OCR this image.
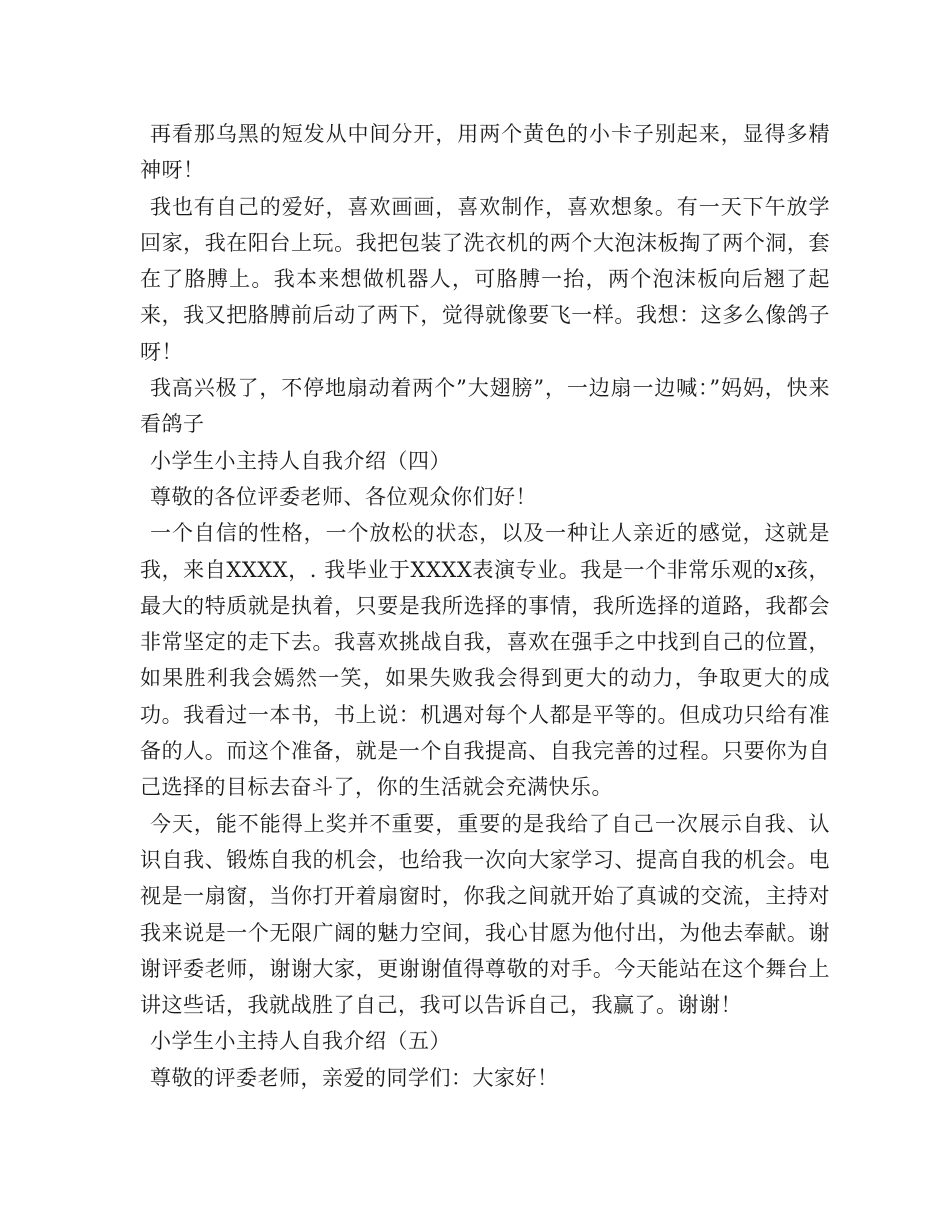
再看那乌黑的短发从中间分开，用两个黄色的小卡子别起来，显得多精神呀！

我也有自己的爱好，喜欢画画，喜欢制作，喜欢想象。有一天下午放学回家，我在阳台上玩。我把包装了洗衣机的两个大泡沫板掏了两个洞，套在了胳膊上。我本来想做机器人，可胳膊一抬，两个泡沫板向后翘了起来，我又把胳膊前后动了两下，觉得就像要飞一样。我想：这多么像鸽子呀！

我高兴极了，不停地扇动着两个”大翅膀”，一边扇一边喊：”妈妈，快来看鸽子

小学生小主持人自我介绍（四）

尊敬的各位评委老师、各位观众你们好！

一个自信的性格，一个放松的状态，以及一种让人亲近的感觉，这就是我，来自XXXX，. 我毕业于XXXX表演专业。我是一个非常乐观的x孩，最大的特质就是执着，只要是我所选择的事情，我所选择的道路，我都会非常坚定的走下去。我喜欢挑战自我，喜欢在强手之中找到自己的位置，如果胜利我会嫣然一笑，如果失败我会得到更大的动力，争取更大的成功。我看过一本书，书上说：机遇对每个人都是平等的。但成功只给有准备的人。而这个准备，就是一个自我提高、自我完善的过程。只要你为自己选择的目标去奋斗了，你的生活就会充满快乐。

今天，能不能得上奖并不重要，重要的是我给了自己一次展示自我、认识自我、锻炼自我的机会，也给我一次向大家学习、提高自我的机会。电视是一扇窗，当你打开着扇窗时，你我之间就开始了真诚的交流，主持对我来说是一个无限广阔的魅力空间，我心甘愿为他付出，为他去奉献。谢谢评委老师，谢谢大家，更谢谢值得尊敬的对手。今天能站在这个舞台上讲这些话，我就战胜了自己，我可以告诉自己，我赢了。谢谢！

小学生小主持人自我介绍（五）

尊敬的评委老师，亲爱的同学们：大家好！
